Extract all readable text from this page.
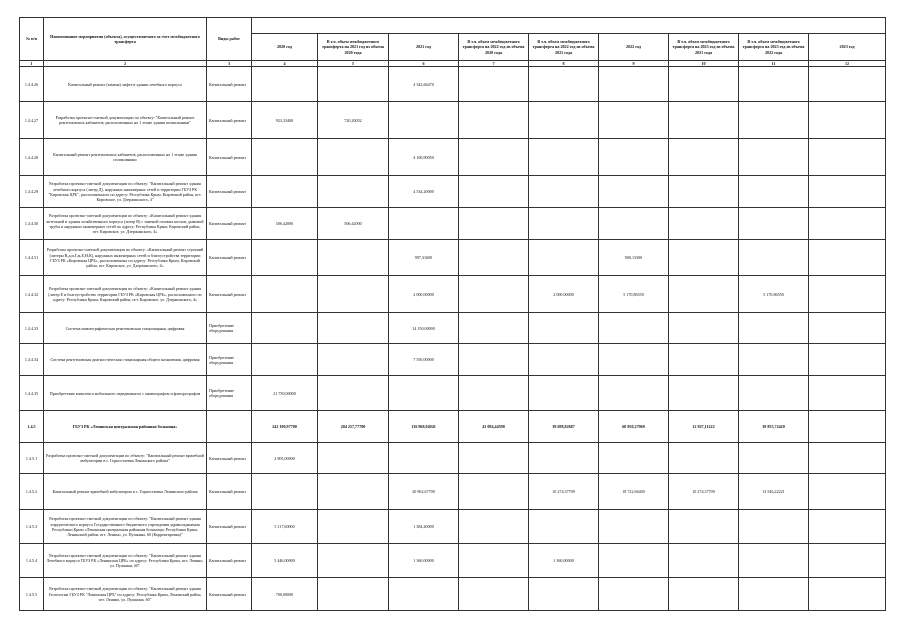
№ п/п	Наименование мероприятия (объекта), осуществляемого за счет межбюджетного трансферта	Виды работ									
			2020 год	В т.ч. объем межбюджетного трансферта на 2021 год из объема 2020 года	2021 год	В т.ч. объем межбюджетного трансферта на 2022 год из объема 2020 года	В т.ч. объем межбюджетного трансферта на 2022 год из объема 2021 года	2022 год	В т.ч. объем межбюджетного трансферта на 2023 год из объема 2021 года	В т.ч. объем межбюджетного трансферта на 2023 год из объема 2022 года	2023 год
1	2	3	4	5	6	7	8	9	10	11	12
1.4.4.26	Капитальный ремонт (замена) лифта в здании лечебного корпуса	Капитальный ремонт			4 342,66470						
1.4.4.27	Разработка проектно-сметной документации по объекту: "Капитальный ремонт рентгеновских кабинетов, расположенных на 1 этаже здания поликлиники"	Капитальный ремонт	923,33400	720,20052							
1.4.4.28	Капитальный ремонт рентгеновских кабинетов, расположенных на 1 этаже здания поликлиники	Капитальный ремонт			4 160,90050						
1.4.4.29	Разработка проектно-сметной документации по объекту: "Капитальный ремонт здания лечебного корпуса (литер Д), наружных инженерных сетей и территории ГБУЗ РК "Кировская ЦРБ", расположенного по адресу: Республика Крым, Кировский район, пгт. Кировское, ул. Дзержинского, 4"	Капитальный ремонт			4 534,20000						
1.4.4.30	Разработка проектно-сметной документации по объекту: «Капитальный ремонт здания котельной и здания хозяйственного корпуса (литер В) с заменой газовых котлов, дымовой трубы и наружных инженерных сетей по адресу: Республика Крым, Кировский район, пгт. Кировское, ул. Дзержинского, 4»	Капитальный ремонт	506,42000	506,42000							
1.4.4.31	Разработка проектно-сметной документации по объекту: «Капитальный ремонт строений (литеры В,д,и,Г,ж,Е,Н,К), наружных инженерных сетей и благоустройства территории ГБУЗ РК «Кировская ЦРБ», расположенных по адресу: Республика Крым, Кировский район, пгт. Кировское, ул. Дзержинского, 4»	Капитальный ремонт			997,31600			900,13300			
1.4.4.32	Разработка проектно-сметной документации по объекту: «Капитальный ремонт здания (литер Е и благоустройство территории ГБУЗ РК «Кировская ЦРБ», расположенного по адресу: Республика Крым, Кировский район, пгт. Кировское, ул. Дзержинского, 4»	Капитальный ремонт			2 000,00000		2 000,00000	5 170,86550		5 170,86550	
1.4.4.33	Система маммографическая рентгеновская стационарная, цифровая	Приобретение оборудования			14 150,00000						
1.4.4.34	Система рентгеновская диагностическая стационарная общего назначения, цифровая	Приобретение оборудования			7 550,00000						
1.4.4.35	Приобретение комплекса мобильного передвижного с маммографом и флюорографом	Приобретение оборудования	21 750,00000								
1.4.5	ГБУЗ РК «Ленинская центральная районная больница»		242 190,97700	204 257,77700	136 968,04941	43 094,44598	39 698,82687	60 850,27969	12 927,11222	39 855,72420	
1.4.5.1	Разработка проектно-сметной документации по объекту: "Капитальный ремонт врачебной амбулатории в с. Горностаевка Ленинского района"	Капитальный ремонт	2 905,00000								
1.4.5.2	Капитальный ремонт врачебной амбулатории в с. Горностаевка Ленинского района	Капитальный ремонт			20 962,67700		10 274,37709	18 722,66400	10 274,37709	13 546,22221	
1.4.5.3	Разработка проектно-сметной документации по объекту: "Капитальный ремонт здания хирургического корпуса Государственного бюджетного учреждения здравоохранения Республики Крым «Ленинская центральная районная больница» Республика Крым, Ленинский район, пгт. Ленино, ул. Пушкина, 60 (Корректировка)"	Капитальный ремонт	5 117,60000		1 384,40000						
1.4.5.4	Разработка проектно-сметной документации по объекту: "Капитальный ремонт здания Лечебного корпуса ГБУЗ РК «Ленинская ЦРБ» по адресу: Республика Крым, пгт. Ленино, ул. Пушкина, 60"	Капитальный ремонт	5 446,00000		1 360,00000		1 360,00000				
1.4.5.5	Разработка проектно-сметной документации по объекту: "Капитальный ремонт здания Геотологии ГБУЗ РК "Ленинская ЦРБ" по адресу: Республика Крым, Ленинский район, пгт. Ленино, ул. Пушкина, 60"	Капитальный ремонт	700,00000								
